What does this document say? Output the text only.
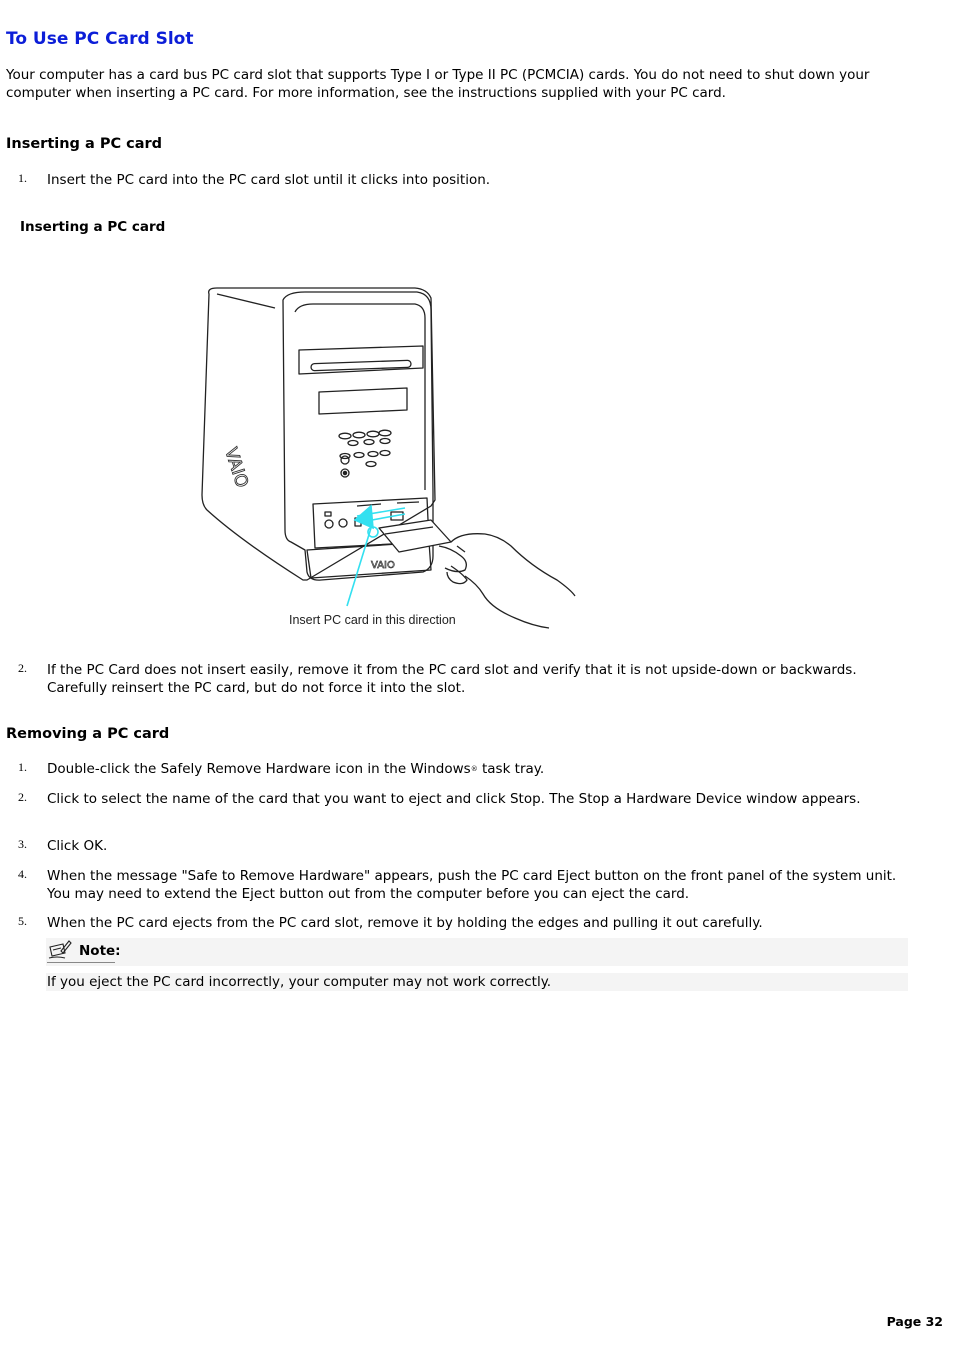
To Use PC Card Slot

Your computer has a card bus PC card slot that supports Type I or Type II PC (PCMCIA) cards. You do not need to shut down your computer when inserting a PC card. For more information, see the instructions supplied with your PC card.

Inserting a PC card
1. Insert the PC card into the PC card slot until it clicks into position.

Inserting a PC card

VAIO
VAIO
Insert PC card in this direction
2. If the PC Card does not insert easily, remove it from the PC card slot and verify that it is not upside-down or backwards. Carefully reinsert the PC card, but do not force it into the slot.
Removing a PC card
1. Double-click the Safely Remove Hardware icon in the Windows® task tray.
2. Click to select the name of the card that you want to eject and click Stop. The Stop a Hardware Device window appears.
3. Click OK.
4. When the message "Safe to Remove Hardware" appears, push the PC card Eject button on the front panel of the system unit. You may need to extend the Eject button out from the computer before you can eject the card.
5. When the PC card ejects from the PC card slot, remove it by holding the edges and pulling it out carefully.
Note:
If you eject the PC card incorrectly, your computer may not work correctly.
Page 32
